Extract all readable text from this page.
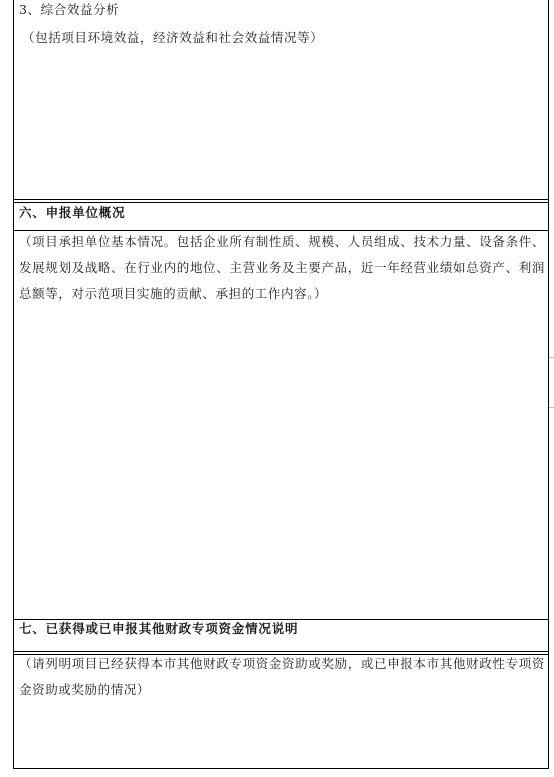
3、综合效益分析
（包括项目环境效益，经济效益和社会效益情况等）
六、申报单位概况
（项目承担单位基本情况。包括企业所有制性质、规模、人员组成、技术力量、设备条件、发展规划及战略、在行业内的地位、主营业务及主要产品，近一年经营业绩如总资产、利润总额等，对示范项目实施的贡献、承担的工作内容。）
七、已获得或已申报其他财政专项资金情况说明
（请列明项目已经获得本市其他财政专项资金资助或奖励，或已申报本市其他财政性专项资金资助或奖励的情况）
